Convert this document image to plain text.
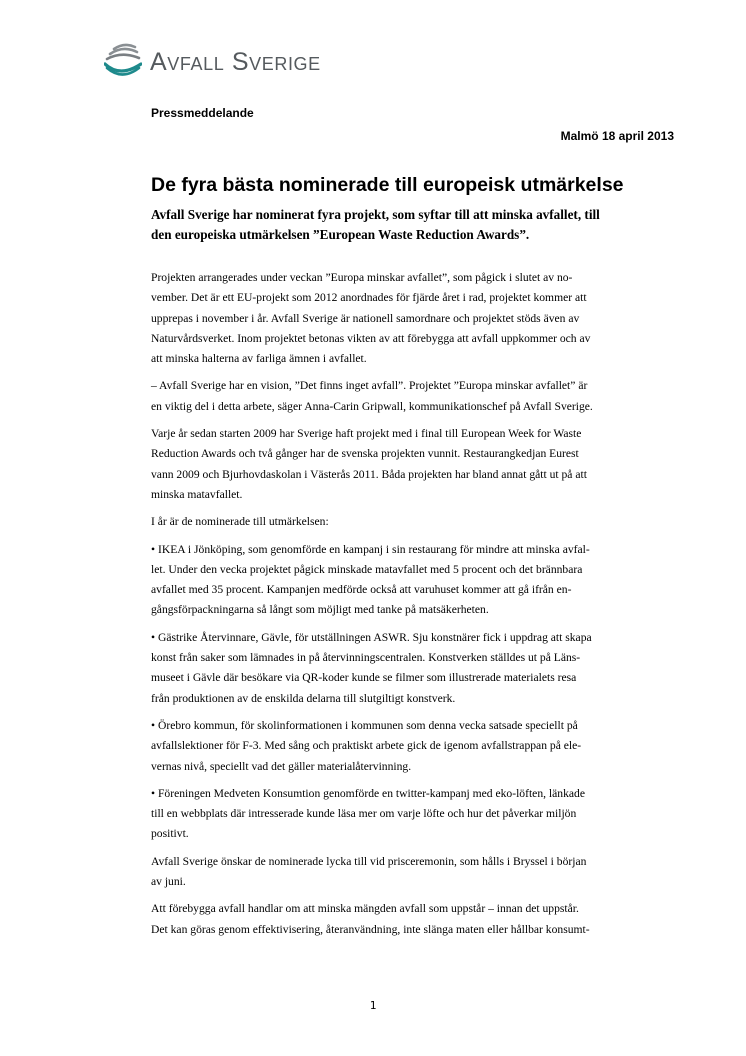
Avfall Sverige
Pressmeddelande
Malmö 18 april 2013
De fyra bästa nominerade till europeisk utmärkelse
Avfall Sverige har nominerat fyra projekt, som syftar till att minska avfallet, till
den europeiska utmärkelsen ”European Waste Reduction Awards”.

Projekten arrangerades under veckan ”Europa minskar avfallet”, som pågick i slutet av no-
vember. Det är ett EU-projekt som 2012 anordnades för fjärde året i rad, projektet kommer att
upprepas i november i år. Avfall Sverige är nationell samordnare och projektet stöds även av
Naturvårdsverket. Inom projektet betonas vikten av att förebygga att avfall uppkommer och av
att minska halterna av farliga ämnen i avfallet.

– Avfall Sverige har en vision, ”Det finns inget avfall”. Projektet ”Europa minskar avfallet” är
en viktig del i detta arbete, säger Anna-Carin Gripwall, kommunikationschef på Avfall Sverige.

Varje år sedan starten 2009 har Sverige haft projekt med i final till European Week for Waste
Reduction Awards och två gånger har de svenska projekten vunnit. Restaurangkedjan Eurest
vann 2009 och Bjurhovdaskolan i Västerås 2011. Båda projekten har bland annat gått ut på att
minska matavfallet.

I år är de nominerade till utmärkelsen:

• IKEA i Jönköping, som genomförde en kampanj i sin restaurang för mindre att minska avfal-
let. Under den vecka projektet pågick minskade matavfallet med 5 procent och det brännbara
avfallet med 35 procent. Kampanjen medförde också att varuhuset kommer att gå ifrån en-
gångsförpackningarna så långt som möjligt med tanke på matsäkerheten.

• Gästrike Återvinnare, Gävle, för utställningen ASWR. Sju konstnärer fick i uppdrag att skapa
konst från saker som lämnades in på återvinningscentralen. Konstverken ställdes ut på Läns-
museet i Gävle där besökare via QR-koder kunde se filmer som illustrerade materialets resa
från produktionen av de enskilda delarna till slutgiltigt konstverk.

• Örebro kommun, för skolinformationen i kommunen som denna vecka satsade speciellt på
avfallslektioner för F-3. Med sång och praktiskt arbete gick de igenom avfallstrappan på ele-
vernas nivå, speciellt vad det gäller materialåtervinning.

• Föreningen Medveten Konsumtion genomförde en twitter-kampanj med eko-löften, länkade
till en webbplats där intresserade kunde läsa mer om varje löfte och hur det påverkar miljön
positivt.

Avfall Sverige önskar de nominerade lycka till vid prisceremonin, som hålls i Bryssel i början
av juni.

Att förebygga avfall handlar om att minska mängden avfall som uppstår – innan det uppstår.
Det kan göras genom effektivisering, återanvändning, inte slänga maten eller hållbar konsumt-

1
